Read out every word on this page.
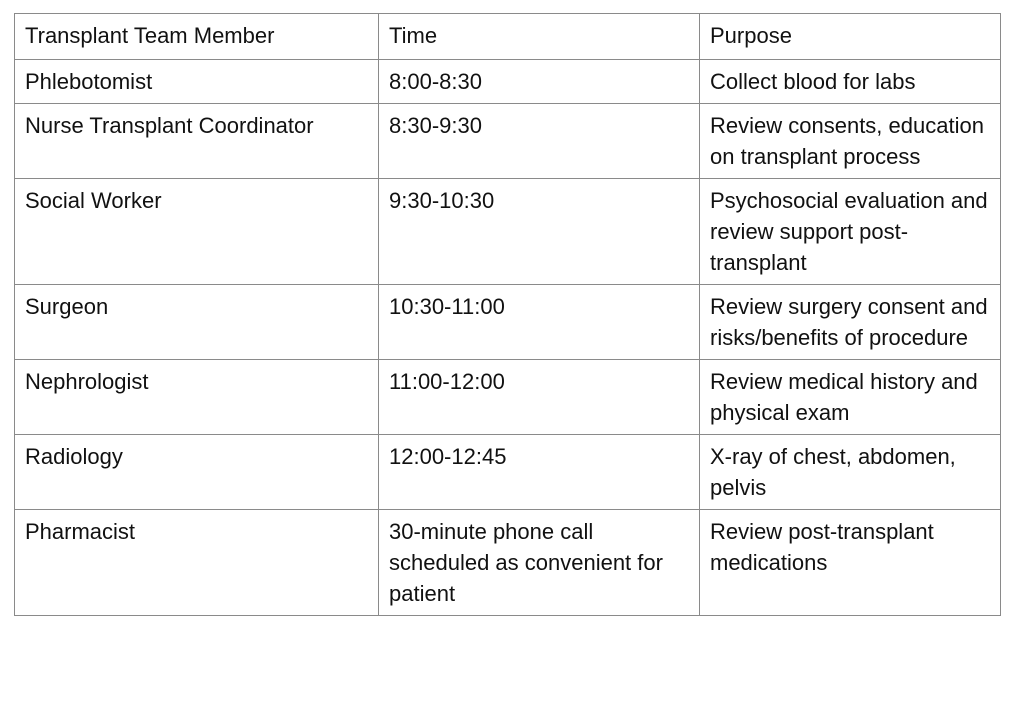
Transplant Team Member	Time	Purpose
Phlebotomist	8:00-8:30	Collect blood for labs
Nurse Transplant Coordinator	8:30-9:30	Review consents, education on transplant process
Social Worker	9:30-10:30	Psychosocial evaluation and review support post-transplant
Surgeon	10:30-11:00	Review surgery consent and risks/benefits of procedure
Nephrologist	11:00-12:00	Review medical history and physical exam
Radiology	12:00-12:45	X-ray of chest, abdomen, pelvis
Pharmacist	30-minute phone call scheduled as convenient for patient	Review post-transplant medications
